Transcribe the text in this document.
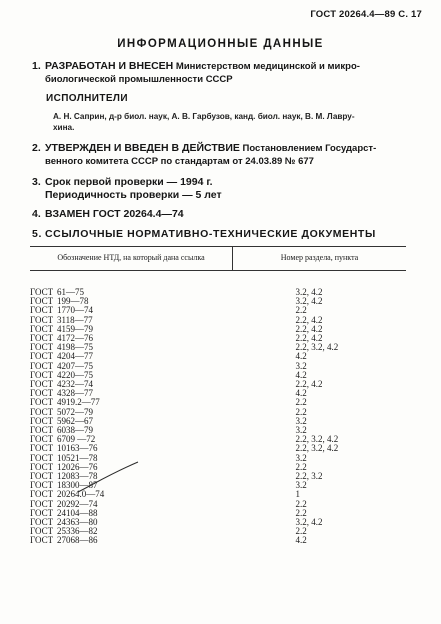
ГОСТ 20264.4—89 С. 17
ИНФОРМАЦИОННЫЕ ДАННЫЕ
1. РАЗРАБОТАН И ВНЕСЕН Министерством медицинской и микро-
биологической промышленности СССР
ИСПОЛНИТЕЛИ
А. Н. Саприн, д-р биол. наук, А. В. Гарбузов, канд. биол. наук, В. М. Лавру-
хина.
2. УТВЕРЖДЕН И ВВЕДЕН В ДЕЙСТВИЕ Постановлением Государст-
венного комитета СССР по стандартам от 24.03.89 № 677
3. Срок первой проверки — 1994 г.
Периодичность проверки — 5 лет
4. ВЗАМЕН ГОСТ 20264.4—74
5. ССЫЛОЧНЫЕ НОРМАТИВНО-ТЕХНИЧЕСКИЕ ДОКУМЕНТЫ
Обозначение НТД, на который дана ссылка	Номер раздела, пункта
ГОСТ 61—75	3.2, 4.2
ГОСТ 199—78	3.2, 4.2
ГОСТ 1770—74	2.2
ГОСТ 3118—77	2.2, 4.2
ГОСТ 4159—79	2.2, 4.2
ГОСТ 4172—76	2.2, 4.2
ГОСТ 4198—75	2.2, 3.2, 4.2
ГОСТ 4204—77	4.2
ГОСТ 4207—75	3.2
ГОСТ 4220—75	4.2
ГОСТ 4232—74	2.2, 4.2
ГОСТ 4328—77	4.2
ГОСТ 4919.2—77	2.2
ГОСТ 5072—79	2.2
ГОСТ 5962—67	3.2
ГОСТ 6038—79	3.2
ГОСТ 6709 —72	2.2, 3.2, 4.2
ГОСТ 10163—76	2.2, 3.2, 4.2
ГОСТ 10521—78	3.2
ГОСТ 12026—76	2.2
ГОСТ 12083—78	2.2, 3.2
ГОСТ 18300—87	3.2
ГОСТ 20264.0—74	1
ГОСТ 20292—74	2.2
ГОСТ 24104—88	2.2
ГОСТ 24363—80	3.2, 4.2
ГОСТ 25336—82	2.2
ГОСТ 27068—86	4.2
